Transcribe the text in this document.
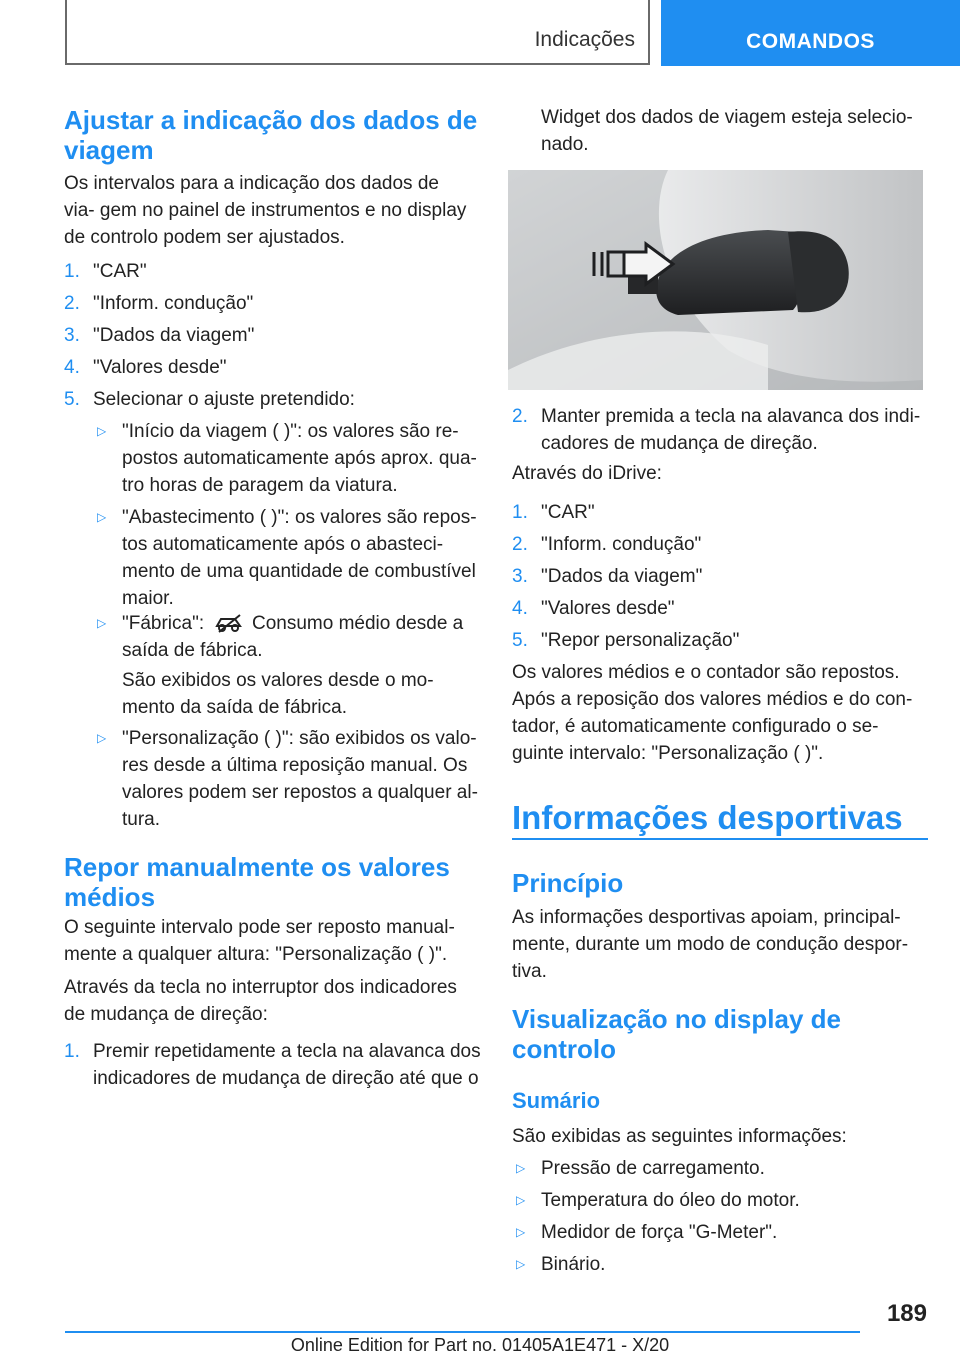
Indicações	COMANDOS
Ajustar a indicação dos dados de viagem
Os intervalos para a indicação dos dados de via- gem no painel de instrumentos e no display de controlo podem ser ajustados.
1. "CAR"
2. "Inform. condução"
3. "Dados da viagem"
4. "Valores desde"
5. Selecionar o ajuste pretendido:
▷ "Início da viagem ( )": os valores são re- postos automaticamente após aprox. qua- tro horas de paragem da viatura.
▷ "Abastecimento ( )": os valores são repos- tos automaticamente após o abasteci- mento de uma quantidade de combustível maior.
▷ "Fábrica":	Consumo médio desde a
saída de fábrica.
São exibidos os valores desde o mo- mento da saída de fábrica.
▷ "Personalização ( )": são exibidos os valo- res desde a última reposição manual. Os valores podem ser repostos a qualquer al- tura.
Repor manualmente os valores médios
O seguinte intervalo pode ser reposto manual- mente a qualquer altura: "Personalização ( )".
Através da tecla no interruptor dos indicadores de mudança de direção:
1. Premir repetidamente a tecla na alavanca dos indicadores de mudança de direção até que o
Widget dos dados de viagem esteja selecio- nado.
2. Manter premida a tecla na alavanca dos indi- cadores de mudança de direção.
Através do iDrive:
1. "CAR"
2. "Inform. condução"
3. "Dados da viagem"
4. "Valores desde"
5. "Repor personalização"
Os valores médios e o contador são repostos. Após a reposição dos valores médios e do con- tador, é automaticamente configurado o se- guinte intervalo: "Personalização ( )".
Informações desportivas
Princípio
As informações desportivas apoiam, principal- mente, durante um modo de condução despor- tiva.
Visualização no display de controlo
Sumário
São exibidas as seguintes informações:
▷ Pressão de carregamento.
▷ Temperatura do óleo do motor.
▷ Medidor de força "G-Meter".
▷ Binário.
189
Online Edition for Part no. 01405A1E471 - X/20
